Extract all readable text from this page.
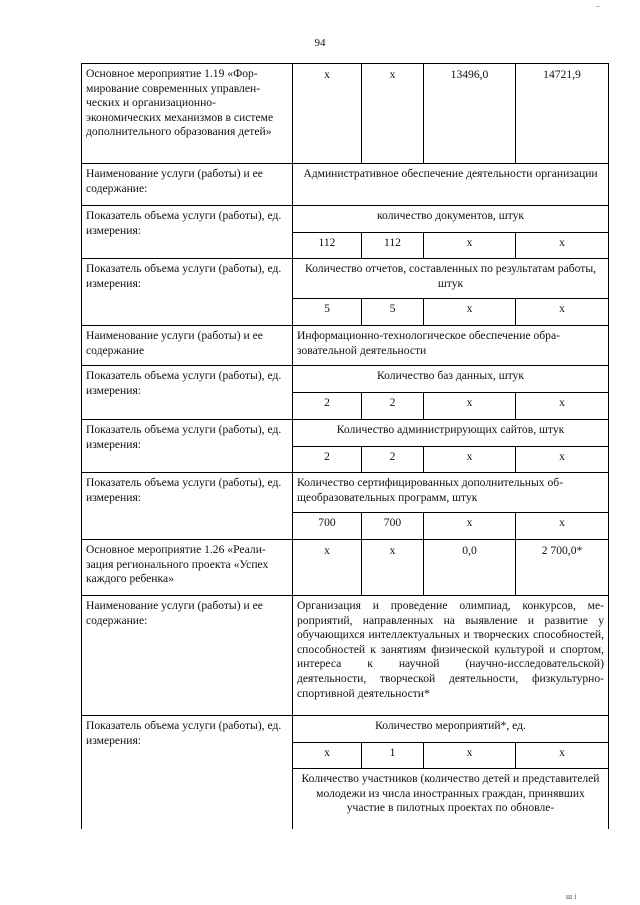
..
94
Основное мероприятие 1.19 «Формирование современных управленческих и организационно-экономических механизмов в системе дополнительного образования детей»	х	х	13496,0	14721,9
Наименование услуги (работы) и ее содержание:	Административное обеспечение деятельности организации			
Показатель объема услуги (работы), ед. измерения:	количество документов, штук			
	112	112	х	х
Показатель объема услуги (работы), ед. измерения:	Количество отчетов, составленных по результатам работы, штук			
	5	5	х	х
Наименование услуги (работы) и ее содержание	Информационно-технологическое обеспечение образовательной деятельности			
Показатель объема услуги (работы), ед. измерения:	Количество баз данных, штук			
	2	2	х	х
Показатель объема услуги (работы), ед. измерения:	Количество администрирующих сайтов, штук			
	2	2	х	х
Показатель объема услуги (работы), ед. измерения:	Количество сертифицированных дополнительных общеобразовательных программ, штук			
	700	700	х	х
Основное мероприятие 1.26 «Реализация регионального проекта «Успех каждого ребенка»	х	х	0,0	2 700,0*
Наименование услуги (работы) и ее содержание:	Организация и проведение олимпиад, конкурсов, мероприятий, направленных на выявление и развитие у обучающихся интеллектуальных и творческих способностей, способностей к занятиям физической культурой и спортом, интереса к научной (научно-исследовательской) деятельности, творческой деятельности, физкультурно-спортивной деятельности*			
Показатель объема услуги (работы), ед. измерения:	Количество мероприятий*, ед.			
	х	1	х	х
	Количество участников (количество детей и представителей молодежи из числа иностранных граждан, принявших участие в пилотных проектах по обновле-			
ш і
